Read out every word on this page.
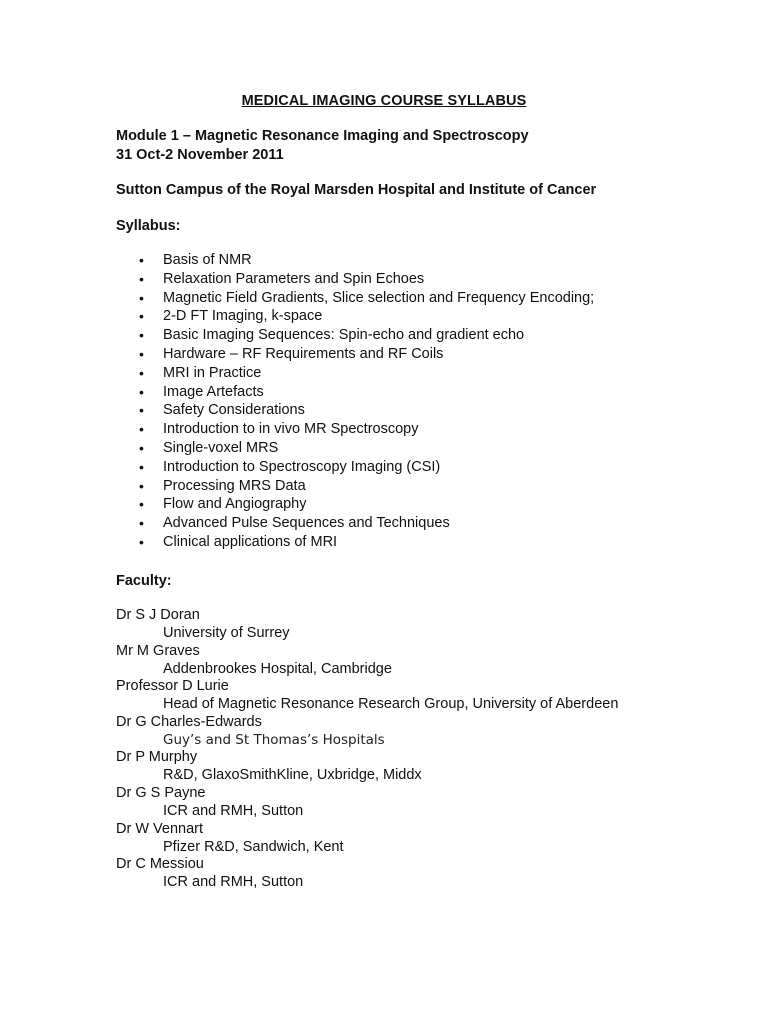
MEDICAL IMAGING COURSE SYLLABUS
Module 1 – Magnetic Resonance Imaging and Spectroscopy
31 Oct-2 November 2011
Sutton Campus of the Royal Marsden Hospital and Institute of Cancer
Syllabus:
• Basis of NMR
• Relaxation Parameters and Spin Echoes
• Magnetic Field Gradients, Slice selection and Frequency Encoding;
• 2-D FT Imaging, k-space
• Basic Imaging Sequences: Spin-echo and gradient echo
• Hardware – RF Requirements and RF Coils
• MRI in Practice
• Image Artefacts
• Safety Considerations
• Introduction to in vivo MR Spectroscopy
• Single-voxel MRS
• Introduction to Spectroscopy Imaging (CSI)
• Processing MRS Data
• Flow and Angiography
• Advanced Pulse Sequences and Techniques
• Clinical applications of MRI
Faculty:
Dr S J Doran
University of Surrey
Mr M Graves
Addenbrookes Hospital, Cambridge
Professor D Lurie
Head of Magnetic Resonance Research Group, University of Aberdeen
Dr G Charles-Edwards
Guy’s and St Thomas’s Hospitals
Dr P Murphy
R&D, GlaxoSmithKline, Uxbridge, Middx
Dr G S Payne
ICR and RMH, Sutton
Dr W Vennart
Pfizer R&D, Sandwich, Kent
Dr C Messiou
ICR and RMH, Sutton
